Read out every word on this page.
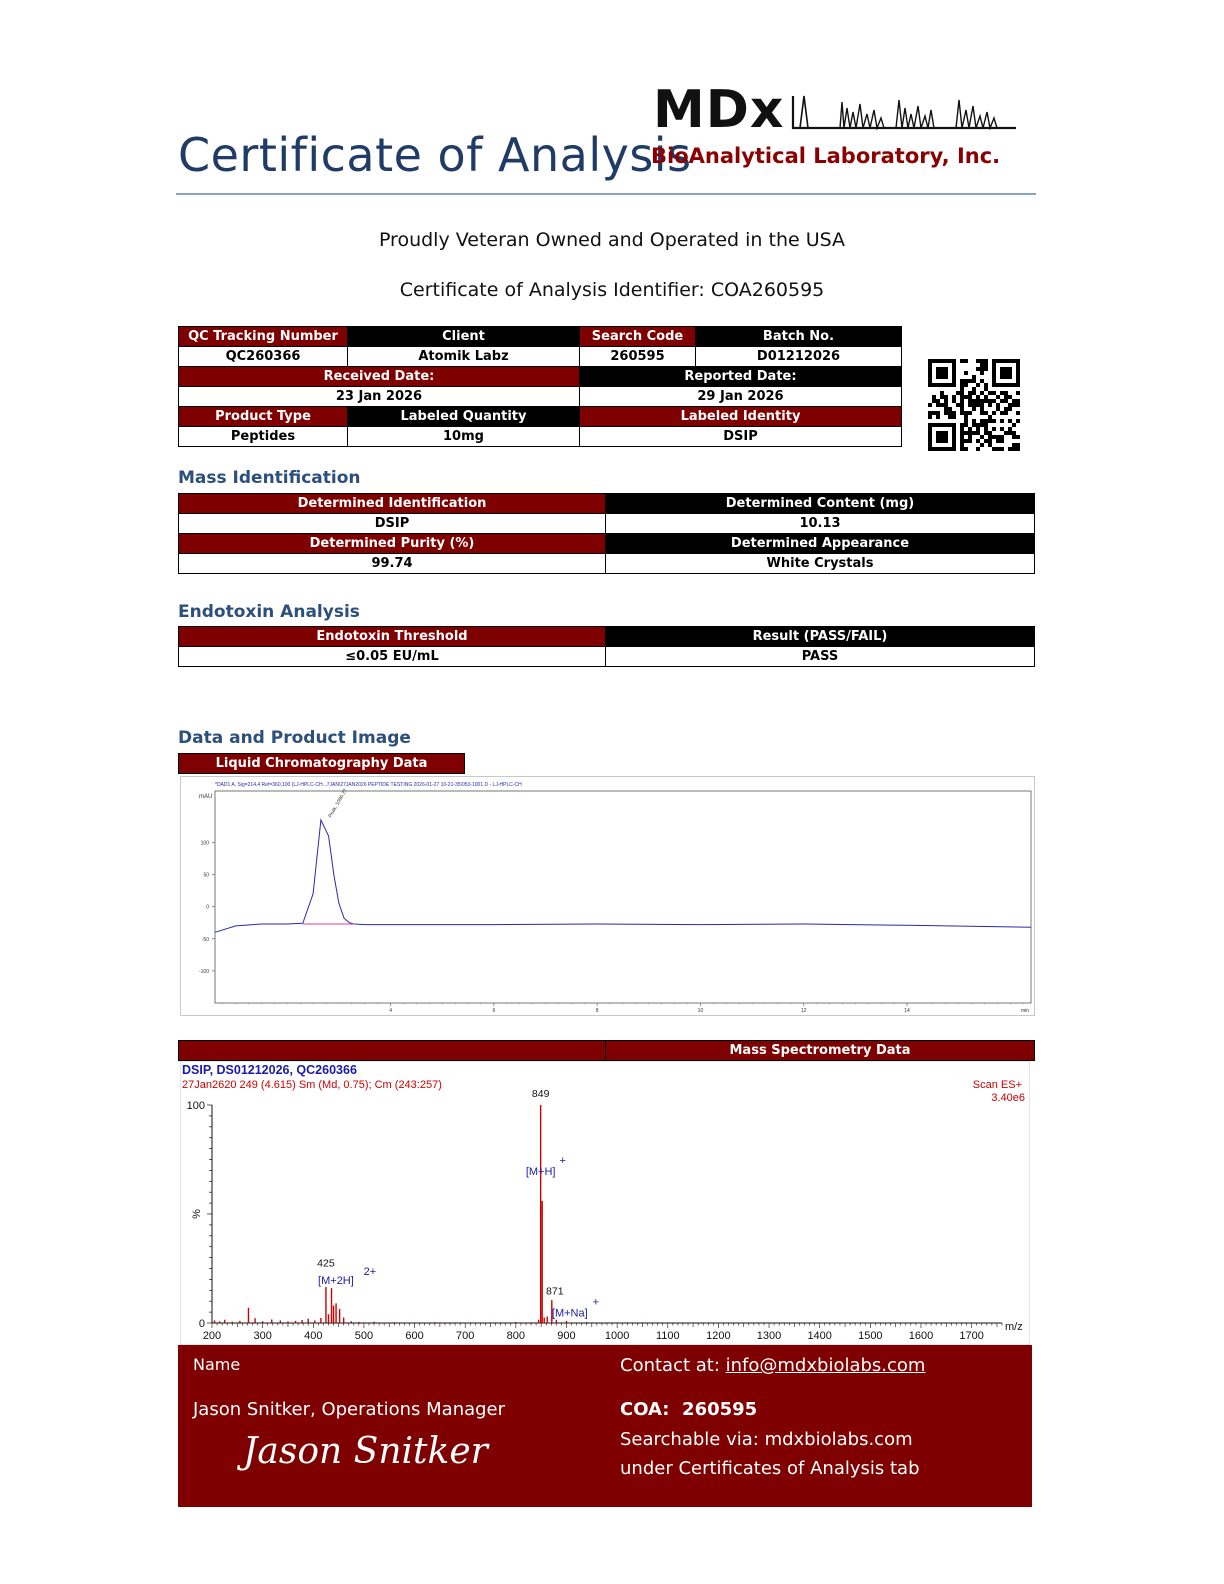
Certificate of Analysis
MDx
BioAnalytical Laboratory, Inc.
Proudly Veteran Owned and Operated in the USA
Certificate of Analysis Identifier: COA260595
QC Tracking Number	Client	Search Code	Batch No.
QC260366	Atomik Labz	260595	D01212026
Received Date:		Reported Date:	
23 Jan 2026		29 Jan 2026	
Product Type	Labeled Quantity	Labeled Identity	
Peptides	10mg	DSIP	
Mass Identification
Determined Identification	Determined Content (mg)
DSIP	10.13
Determined Purity (%)	Determined Appearance
99.74	White Crystals
Endotoxin Analysis
Endotoxin Threshold	Result (PASS/FAIL)
≤0.05 EU/mL	PASS
Data and Product Image
Liquid Chromatography Data
*DAD1 A, Sig=214,4 Ref=360,100 (LJ-HPLC-CH...7JAN\27JAN2026 PEPTIDE TESTING 2026-01-27 10-21-35\053-1001.D - LJ-HPLC-CH
mAU
100
50
0
-50
-100
4	6	8	10	12	14	min
Peak, 1096.27
	Mass Spectrometry Data
DSIP, DS01212026, QC260366
27Jan2620 249 (4.615) Sm (Md, 0.75); Cm (243:257)	Scan ES+
3.40e6
0
100
%
200	300	400	500	600	700	800	900	1000 1100 1200 1300 1400 1500 1600 1700
m/z
849
[M+H]
+
425
[M+2H]
2+
871
[M+Na]
+
Name
Jason Snitker, Operations Manager
Jason Snitker
Contact at: info@mdxbiolabs.com
COA: 260595
Searchable via: mdxbiolabs.com
under Certificates of Analysis tab
